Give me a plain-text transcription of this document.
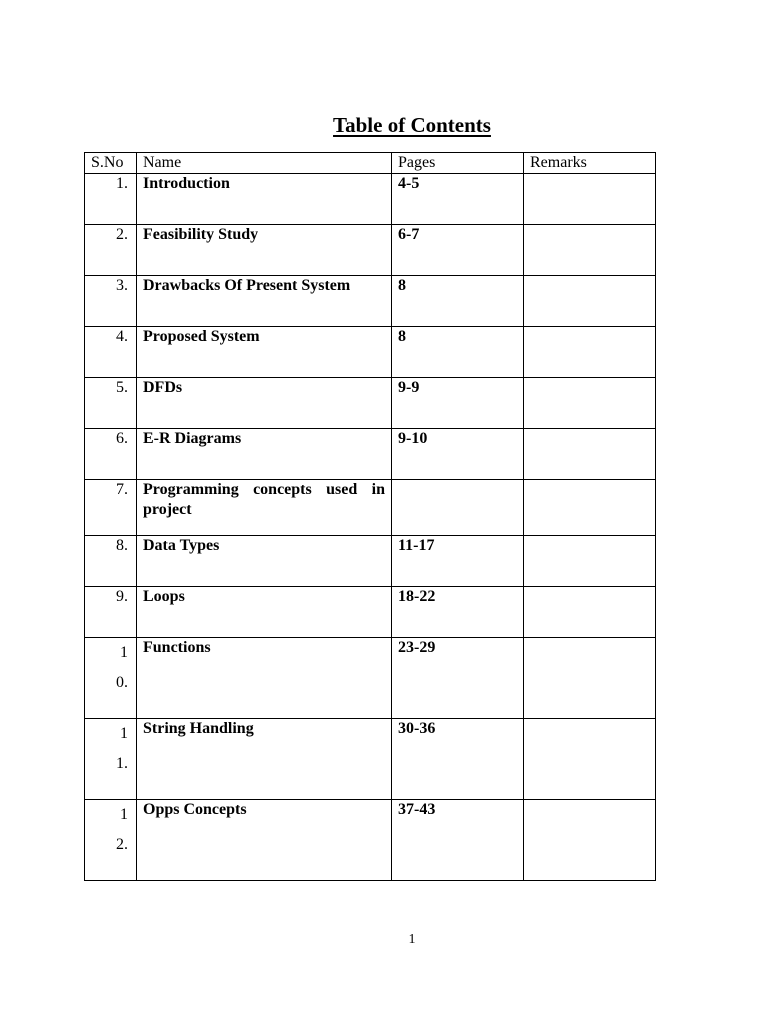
Table of Contents
S.No	Name	Pages	Remarks
1.	Introduction	4-5	
2.	Feasibility Study	6-7	
3.	Drawbacks Of Present System	8	
4.	Proposed System	8	
5.	DFDs	9-9	
6.	E-R Diagrams	9-10	
7.	Programming concepts used in project		

8.	Data Types	11-17	
9.	Loops	18-22	
1 0.	Functions	23-29	
1 1.	String Handling	30-36	
1 2.	Opps Concepts	37-43	
1
